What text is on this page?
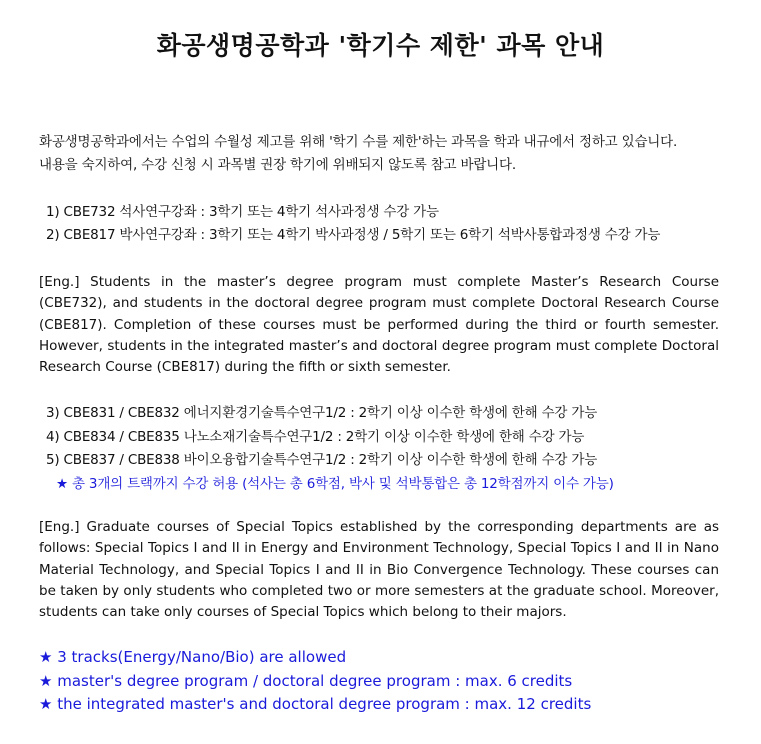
화공생명공학과 '학기수 제한' 과목 안내

화공생명공학과에서는 수업의 수월성 제고를 위해 '학기 수를 제한'하는 과목을 학과 내규에서 정하고 있습니다.

내용을 숙지하여, 수강 신청 시 과목별 권장 학기에 위배되지 않도록 참고 바랍니다.

1) CBE732 석사연구강좌 : 3학기 또는 4학기 석사과정생 수강 가능
2) CBE817 박사연구강좌 : 3학기 또는 4학기 박사과정생 / 5학기 또는 6학기 석박사통합과정생 수강 가능

[Eng.] Students in the master’s degree program must complete Master’s Research Course (CBE732), and students in the doctoral degree program must complete Doctoral Research Course (CBE817). Completion of these courses must be performed during the third or fourth semester. However, students in the integrated master’s and doctoral degree program must complete Doctoral Research Course (CBE817) during the fifth or sixth semester.

3) CBE831 / CBE832 에너지환경기술특수연구1/2 : 2학기 이상 이수한 학생에 한해 수강 가능
4) CBE834 / CBE835 나노소재기술특수연구1/2 : 2학기 이상 이수한 학생에 한해 수강 가능
5) CBE837 / CBE838 바이오융합기술특수연구1/2 : 2학기 이상 이수한 학생에 한해 수강 가능
★ 총 3개의 트랙까지 수강 허용 (석사는 총 6학점, 박사 및 석박통합은 총 12학점까지 이수 가능)

[Eng.] Graduate courses of Special Topics established by the corresponding departments are as follows: Special Topics I and II in Energy and Environment Technology, Special Topics I and II in Nano Material Technology, and Special Topics I and II in Bio Convergence Technology. These courses can be taken by only students who completed two or more semesters at the graduate school. Moreover, students can take only courses of Special Topics which belong to their majors.

★ 3 tracks(Energy/Nano/Bio) are allowed
★ master's degree program / doctoral degree program : max. 6 credits
★ the integrated master's and doctoral degree program : max. 12 credits
